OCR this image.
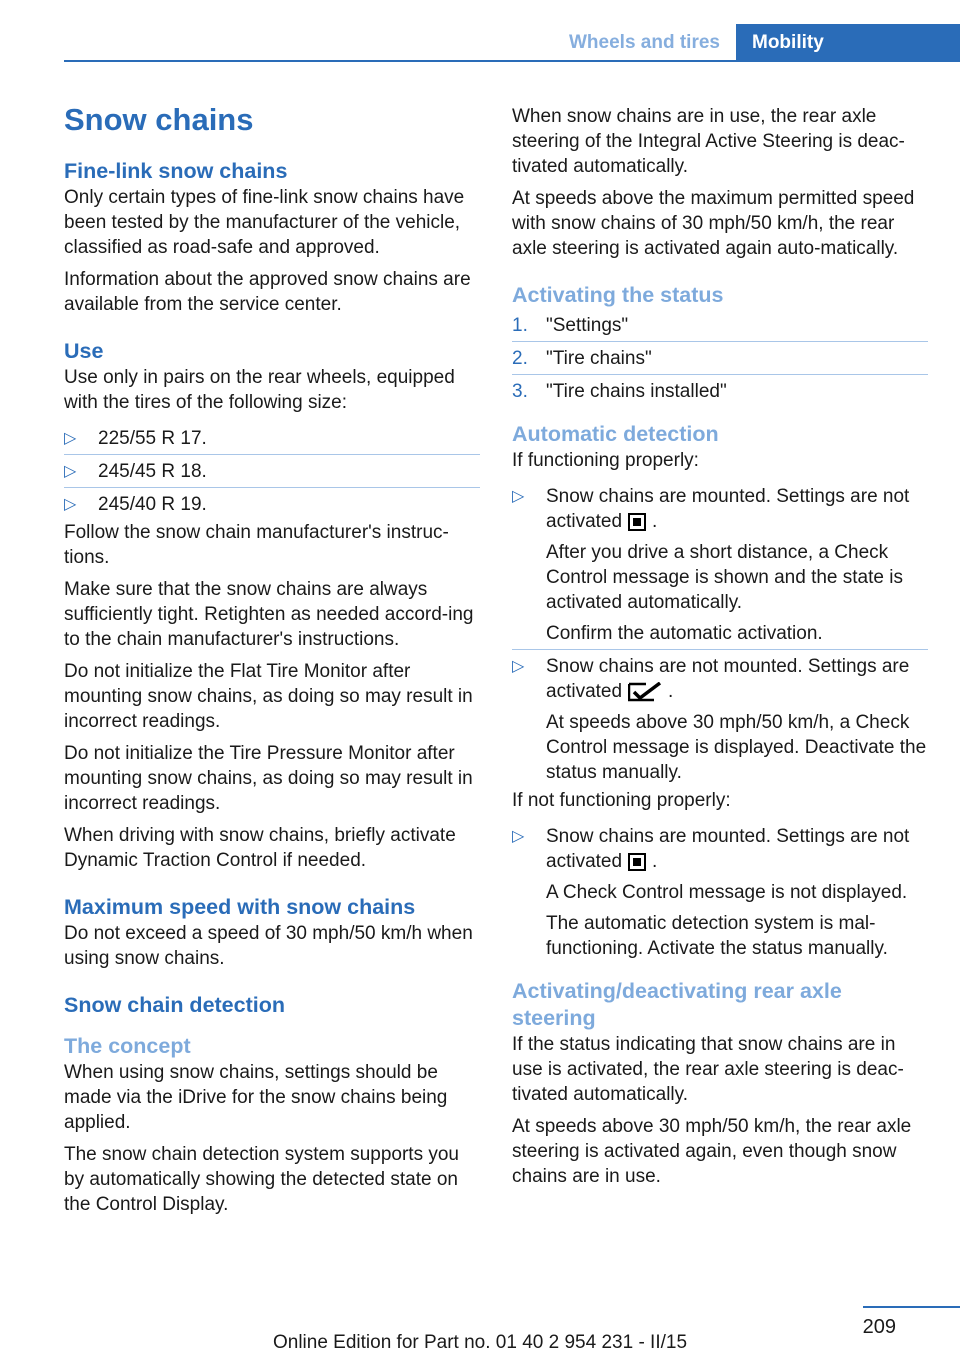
Wheels and tires	Mobility
Snow chains
Fine-link snow chains

Only certain types of fine-link snow chains have been tested by the manufacturer of the vehicle, classified as road-safe and approved.

Information about the approved snow chains are available from the service center.

Use

Use only in pairs on the rear wheels, equipped with the tires of the following size:

▷ 225/55 R 17.
▷ 245/45 R 18.
▷ 245/40 R 19.

Follow the snow chain manufacturer's instruc‐tions.

Make sure that the snow chains are always sufficiently tight. Retighten as needed accord‐ing to the chain manufacturer's instructions.

Do not initialize the Flat Tire Monitor after mounting snow chains, as doing so may result in incorrect readings.

Do not initialize the Tire Pressure Monitor after mounting snow chains, as doing so may result in incorrect readings.

When driving with snow chains, briefly activate Dynamic Traction Control if needed.

Maximum speed with snow chains

Do not exceed a speed of 30 mph/50 km/h when using snow chains.

Snow chain detection
The concept

When using snow chains, settings should be made via the iDrive for the snow chains being applied.

The snow chain detection system supports you by automatically showing the detected state on the Control Display.

When snow chains are in use, the rear axle steering of the Integral Active Steering is deac‐tivated automatically.

At speeds above the maximum permitted speed with snow chains of 30 mph/50 km/h, the rear axle steering is activated again auto‐matically.

Activating the status
1. "Settings"
2. "Tire chains"
3. "Tire chains installed"
Automatic detection

If functioning properly:

▷ Snow chains are mounted. Settings are not activated .

After you drive a short distance, a Check Control message is shown and the state is activated automatically.

Confirm the automatic activation.

▷ Snow chains are not mounted. Settings are activated .

At speeds above 30 mph/50 km/h, a Check Control message is displayed. Deactivate the status manually.

If not functioning properly:

▷ Snow chains are mounted. Settings are not activated .

A Check Control message is not displayed.

The automatic detection system is mal‐functioning. Activate the status manually.

Activating/deactivating rear axle steering

If the status indicating that snow chains are in use is activated, the rear axle steering is deac‐tivated automatically.

At speeds above 30 mph/50 km/h, the rear axle steering is activated again, even though snow chains are in use.

209
Online Edition for Part no. 01 40 2 954 231 - II/15
